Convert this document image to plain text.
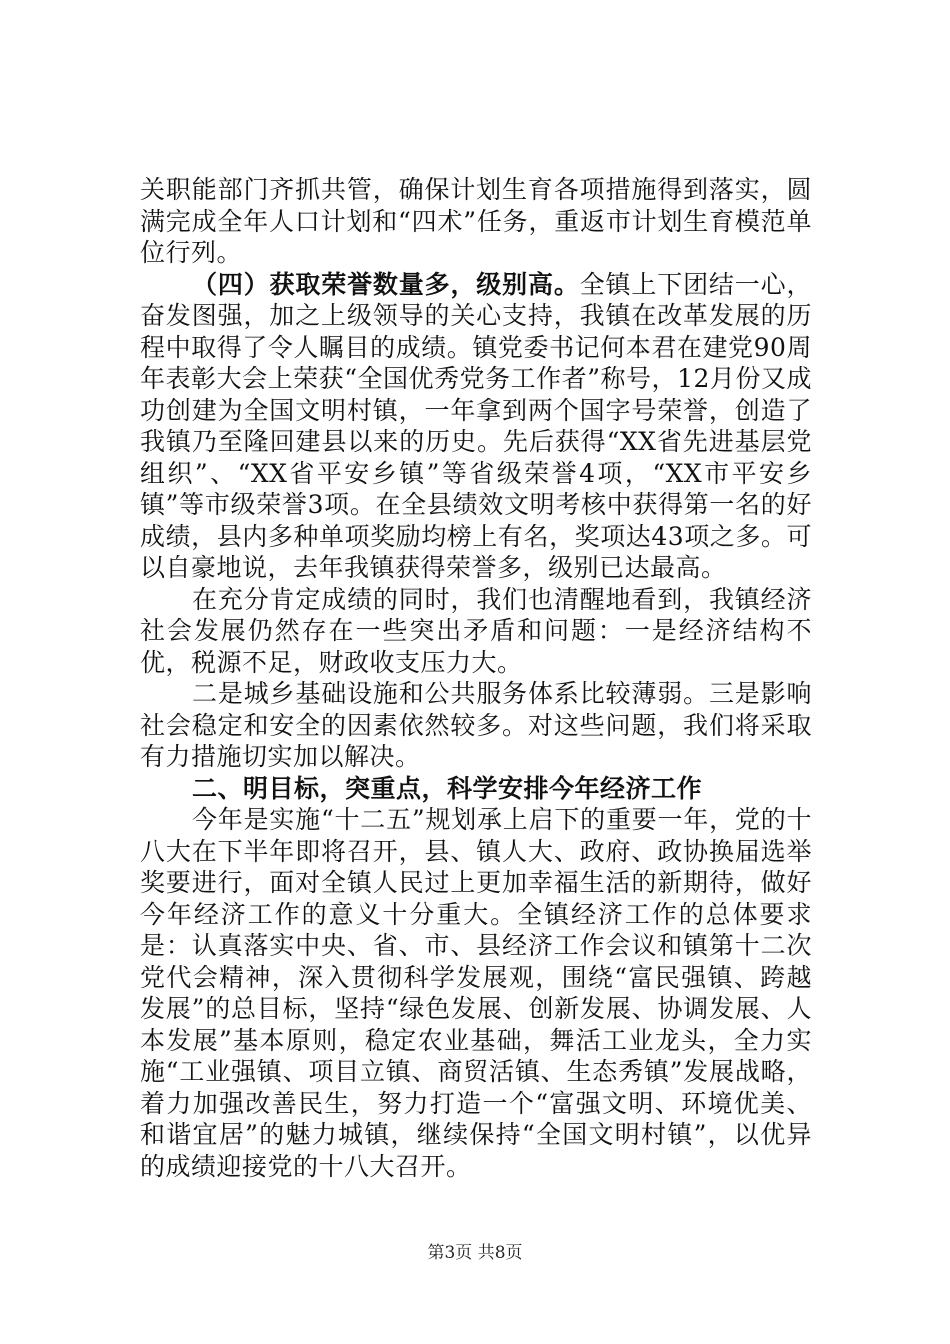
关职能部门齐抓共管，确保计划生育各项措施得到落实，圆满完成全年人口计划和“四术”任务，重返市计划生育模范单位行列。

（四）获取荣誉数量多，级别高。全镇上下团结一心，奋发图强，加之上级领导的关心支持，我镇在改革发展的历程中取得了令人瞩目的成绩。镇党委书记何本君在建党90周年表彰大会上荣获“全国优秀党务工作者”称号，12月份又成功创建为全国文明村镇，一年拿到两个国字号荣誉，创造了我镇乃至隆回建县以来的历史。先后获得“XX省先进基层党组织”、“XX省平安乡镇”等省级荣誉4项，“XX市平安乡镇”等市级荣誉3项。在全县绩效文明考核中获得第一名的好成绩，县内多种单项奖励均榜上有名，奖项达43项之多。可以自豪地说，去年我镇获得荣誉多，级别已达最高。

在充分肯定成绩的同时，我们也清醒地看到，我镇经济社会发展仍然存在一些突出矛盾和问题：一是经济结构不优，税源不足，财政收支压力大。

二是城乡基础设施和公共服务体系比较薄弱。三是影响社会稳定和安全的因素依然较多。对这些问题，我们将采取有力措施切实加以解决。

二、明目标，突重点，科学安排今年经济工作

今年是实施“十二五”规划承上启下的重要一年，党的十八大在下半年即将召开，县、镇人大、政府、政协换届选举奖要进行，面对全镇人民过上更加幸福生活的新期待，做好今年经济工作的意义十分重大。全镇经济工作的总体要求是：认真落实中央、省、市、县经济工作会议和镇第十二次党代会精神，深入贯彻科学发展观，围绕“富民强镇、跨越发展”的总目标，坚持“绿色发展、创新发展、协调发展、人本发展”基本原则，稳定农业基础，舞活工业龙头，全力实施“工业强镇、项目立镇、商贸活镇、生态秀镇”发展战略，着力加强改善民生，努力打造一个“富强文明、环境优美、和谐宜居”的魅力城镇，继续保持“全国文明村镇”，以优异的成绩迎接党的十八大召开。

第3页 共8页
